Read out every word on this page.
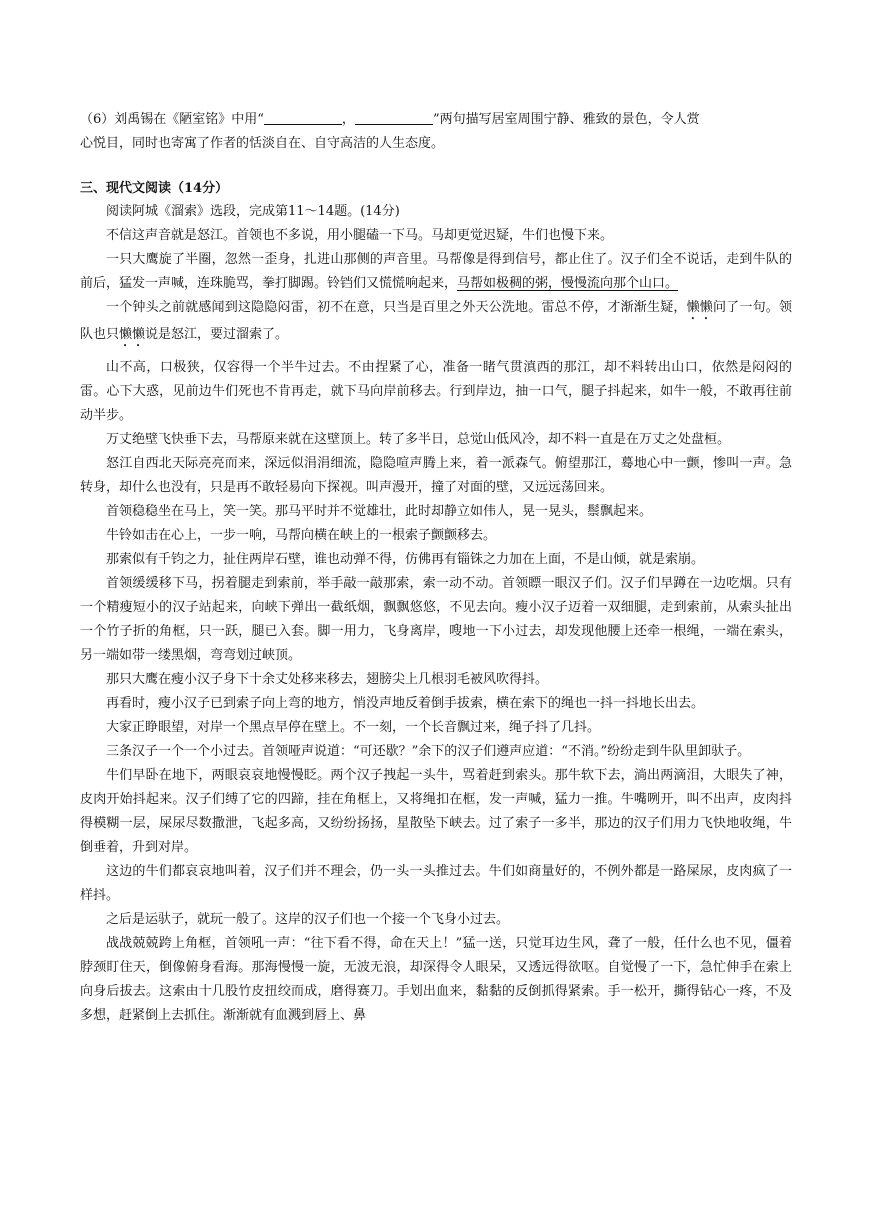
（6）刘禹锡在《陋室铭》中用“	，	”两句描写居室周围宁静、雅致的景色，令人赏
心悦目，同时也寄寓了作者的恬淡自在、自守高洁的人生态度。
三、现代文阅读（14分）

阅读阿城《溜索》选段，完成第11～14题。(14分)

不信这声音就是怒江。首领也不多说，用小腿磕一下马。马却更觉迟疑，牛们也慢下来。

一只大鹰旋了半圈，忽然一歪身，扎进山那侧的声音里。马帮像是得到信号，都止住了。汉子们全不说话，走到牛队的前后，猛发一声喊，连珠脆骂，拳打脚踢。铃铛们又慌慌响起来，马帮如极稠的粥，慢慢流向那个山口。

一个钟头之前就感闻到这隐隐闷雷，初不在意，只当是百里之外天公洗地。雷总不停，才渐渐生疑，懒懒问了一句。领队也只懒懒说是怒江，要过溜索了。

山不高，口极狭，仅容得一个半牛过去。不由捏紧了心，准备一睹气贯滇西的那江，却不料转出山口，依然是闷闷的雷。心下大惑，见前边牛们死也不肯再走，就下马向岸前移去。行到岸边，抽一口气，腿子抖起来，如牛一般，不敢再往前动半步。

万丈绝壁飞快垂下去，马帮原来就在这壁顶上。转了多半日，总觉山低风冷，却不料一直是在万丈之处盘桓。

怒江自西北天际亮亮而来，深远似涓涓细流，隐隐喧声腾上来，着一派森气。俯望那江，蓦地心中一颤，惨叫一声。急转身，却什么也没有，只是再不敢轻易向下探视。叫声漫开，撞了对面的壁，又远远荡回来。

首领稳稳坐在马上，笑一笑。那马平时并不觉雄壮，此时却静立如伟人，晃一晃头，鬃飘起来。

牛铃如击在心上，一步一响，马帮向横在峡上的一根索子颤颤移去。

那索似有千钧之力，扯住两岸石壁，谁也动弹不得，仿佛再有锱铢之力加在上面，不是山倾，就是索崩。

首领缓缓移下马，拐着腿走到索前，举手敲一敲那索，索一动不动。首领瞟一眼汉子们。汉子们早蹲在一边吃烟。只有一个精瘦短小的汉子站起来，向峡下弹出一截纸烟，飘飘悠悠，不见去向。瘦小汉子迈着一双细腿，走到索前，从索头扯出一个竹子折的角框，只一跃，腿已入套。脚一用力，飞身离岸，嗖地一下小过去，却发现他腰上还牵一根绳，一端在索头，另一端如带一缕黑烟，弯弯划过峡顶。

那只大鹰在瘦小汉子身下十余丈处移来移去，翅膀尖上几根羽毛被风吹得抖。

再看时，瘦小汉子已到索子向上弯的地方，悄没声地反着倒手拔索，横在索下的绳也一抖一抖地长出去。

大家正睁眼望，对岸一个黑点早停在壁上。不一刻，一个长音飘过来，绳子抖了几抖。

三条汉子一个一个小过去。首领哑声说道：“可还歇？”余下的汉子们遵声应道：“不消。”纷纷走到牛队里卸驮子。

牛们早卧在地下，两眼哀哀地慢慢眨。两个汉子拽起一头牛，骂着赶到索头。那牛软下去，淌出两滴泪，大眼失了神，皮肉开始抖起来。汉子们缚了它的四蹄，挂在角框上，又将绳扣在框，发一声喊，猛力一推。牛嘴咧开，叫不出声，皮肉抖得模糊一层，屎尿尽数撒泄，飞起多高，又纷纷扬扬，星散坠下峡去。过了索子一多半，那边的汉子们用力飞快地收绳，牛倒垂着，升到对岸。

这边的牛们都哀哀地叫着，汉子们并不理会，仍一头一头推过去。牛们如商量好的，不例外都是一路屎尿，皮肉疯了一样抖。

之后是运驮子，就玩一般了。这岸的汉子们也一个接一个飞身小过去。

战战兢兢跨上角框，首领吼一声：“往下看不得，命在天上！”猛一送，只觉耳边生风，聋了一般，任什么也不见，僵着脖颈盯住天，倒像俯身看海。那海慢慢一旋，无波无浪，却深得令人眼呆，又透远得欲呕。自觉慢了一下，急忙伸手在索上向身后拔去。这索由十几股竹皮扭绞而成，磨得赛刀。手划出血来，黏黏的反倒抓得紧索。手一松开，撕得钻心一疼，不及多想，赶紧倒上去抓住。渐渐就有血溅到唇上、鼻
